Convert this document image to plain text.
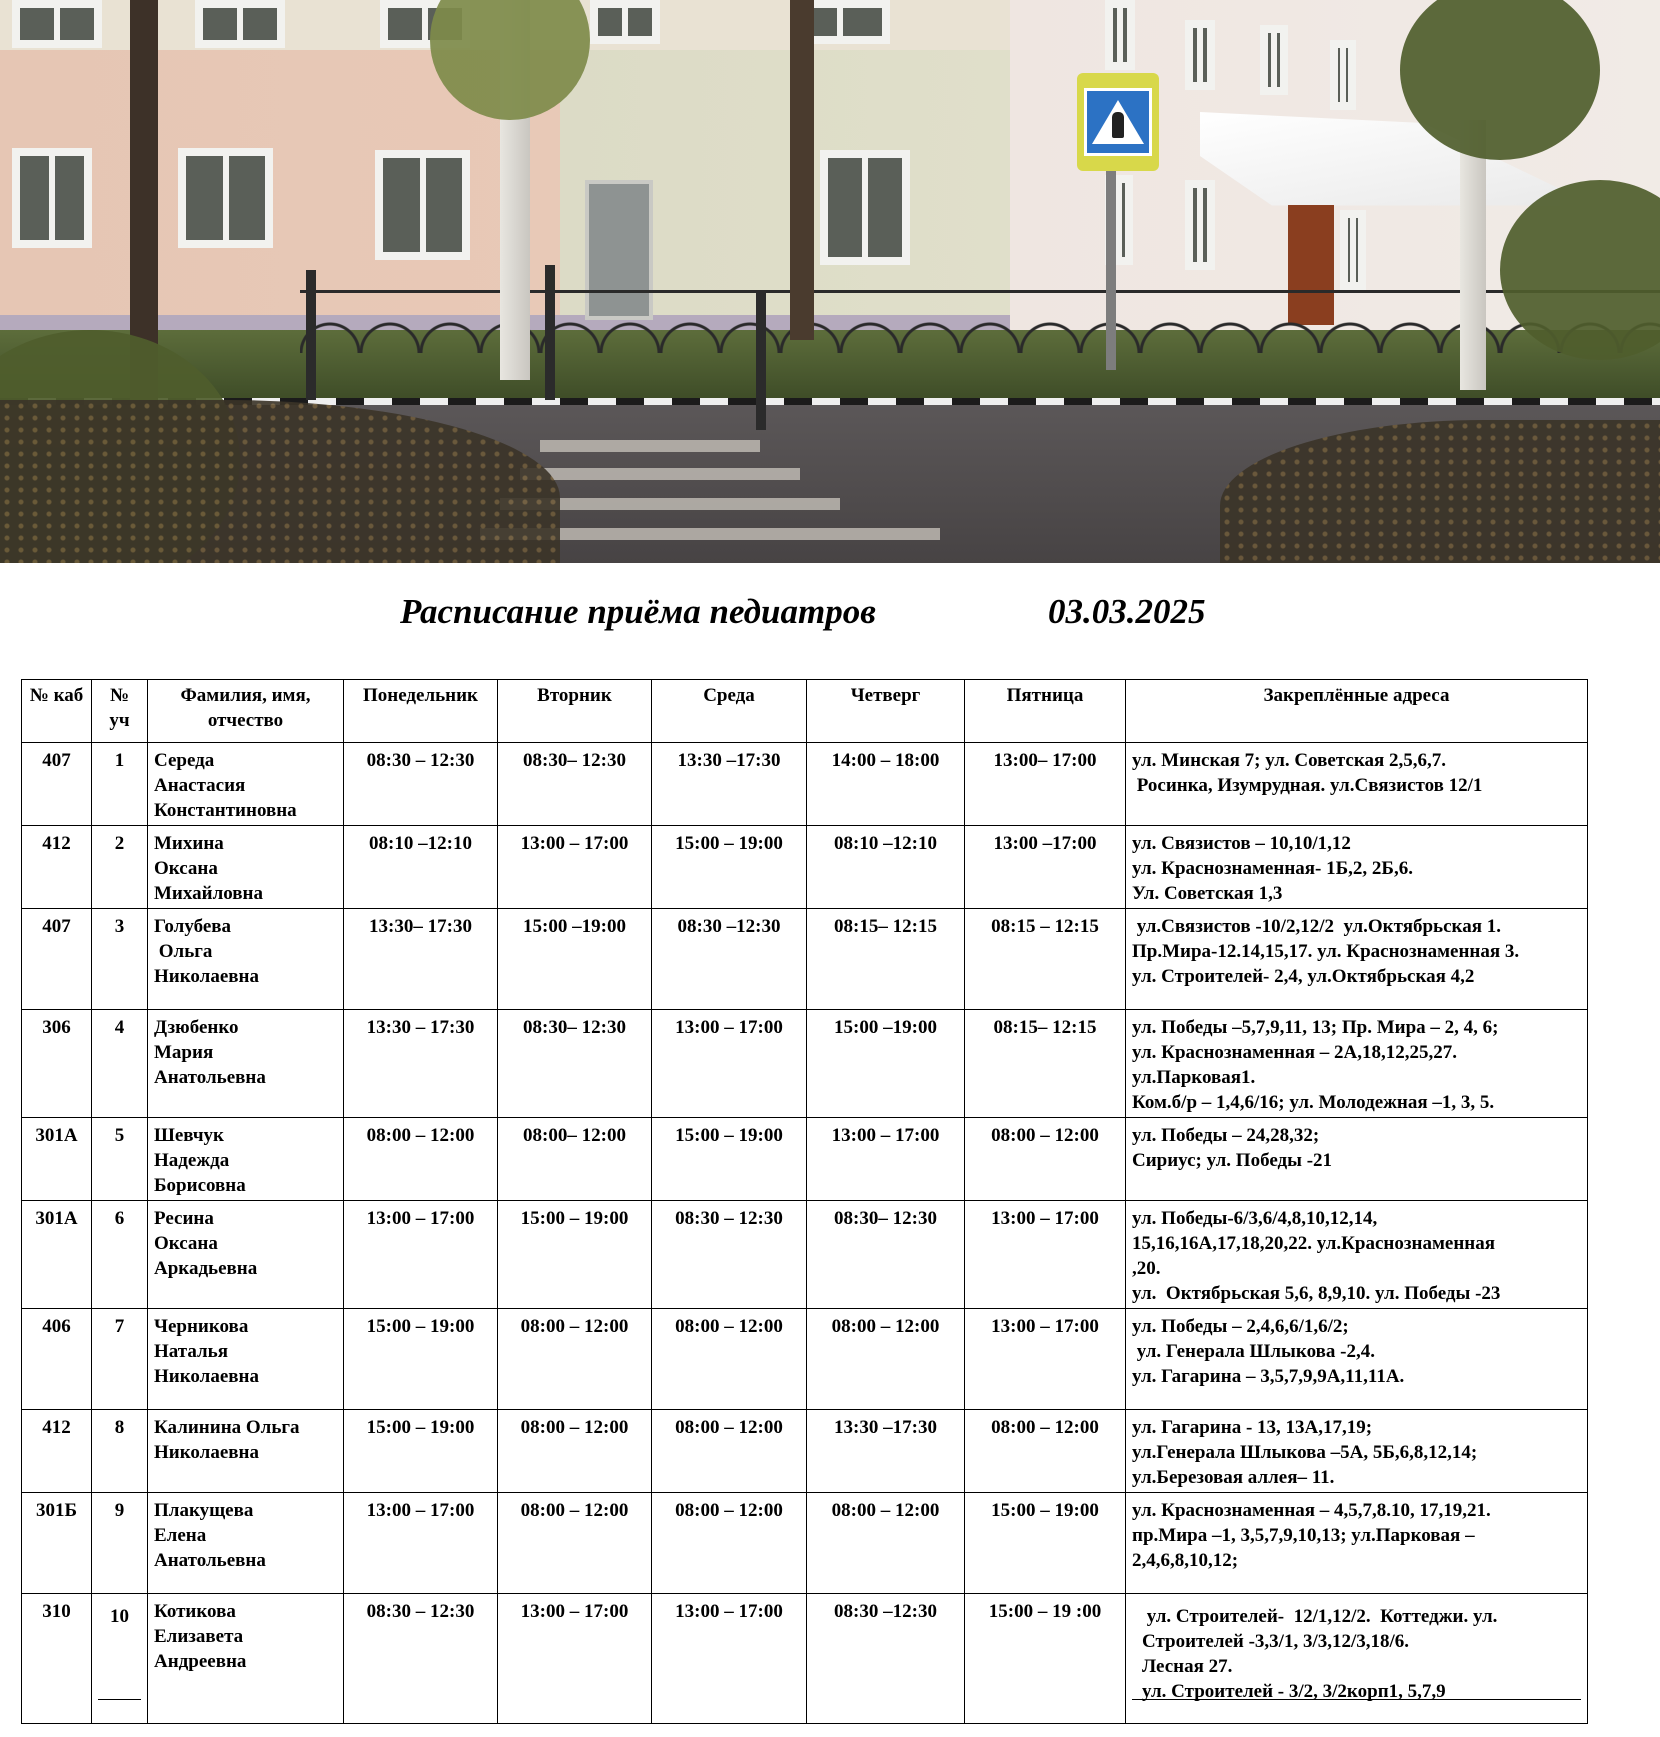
Расписание приёма педиатров	03.03.2025
№ каб	№ уч	Фамилия, имя, отчество	Понедельник	Вторник	Среда	Четверг	Пятница	Закреплённые адреса
407	1	Середа
Анастасия
Константиновна	08:30 – 12:30	08:30– 12:30	13:30 –17:30	14:00 – 18:00	13:00– 17:00	ул. Минская 7; ул. Советская 2,5,6,7.
Росинка, Изумрудная. ул.Связистов 12/1

412	2	Михина
Оксана
Михайловна	08:10 –12:10	13:00 – 17:00	15:00 – 19:00	08:10 –12:10	13:00 –17:00	ул. Связистов – 10,10/1,12
ул. Краснознаменная- 1Б,2, 2Б,6.
Ул. Советская 1,3

407	3	Голубева
Ольга
Николаевна	13:30– 17:30	15:00 –19:00	08:30 –12:30	08:15– 12:15	08:15 – 12:15	ул.Связистов -10/2,12/2  ул.Октябрьская 1.
Пр.Мира-12.14,15,17. ул. Краснознаменная 3.
ул. Строителей- 2,4, ул.Октябрьская 4,2

306	4	Дзюбенко
Мария
Анатольевна	13:30 – 17:30	08:30– 12:30	13:00 – 17:00	15:00 –19:00	08:15– 12:15	ул. Победы –5,7,9,11, 13; Пр. Мира – 2, 4, 6;
ул. Краснознаменная – 2А,18,12,25,27.
ул.Парковая1.
Ком.б/р – 1,4,6/16; ул. Молодежная –1, 3, 5.

301А	5	Шевчук
Надежда
Борисовна	08:00 – 12:00	08:00– 12:00	15:00 – 19:00	13:00 – 17:00	08:00 – 12:00	ул. Победы – 24,28,32;
Сириус; ул. Победы -21

301А	6	Ресина
Оксана
Аркадьевна	13:00 – 17:00	15:00 – 19:00	08:30 – 12:30	08:30– 12:30	13:00 – 17:00	ул. Победы-6/3,6/4,8,10,12,14,
15,16,16А,17,18,20,22. ул.Краснознаменная
,20.
ул.  Октябрьская 5,6, 8,9,10. ул. Победы -23

406	7	Черникова
Наталья
Николаевна	15:00 – 19:00	08:00 – 12:00	08:00 – 12:00	08:00 – 12:00	13:00 – 17:00	ул. Победы – 2,4,6,6/1,6/2;
ул. Генерала Шлыкова -2,4.
ул. Гагарина – 3,5,7,9,9А,11,11А.

412	8	Калинина Ольга
Николаевна	15:00 – 19:00	08:00 – 12:00	08:00 – 12:00	13:30 –17:30	08:00 – 12:00	ул. Гагарина - 13, 13А,17,19;
ул.Генерала Шлыкова –5А, 5Б,6,8,12,14;
ул.Березовая аллея– 11.

301Б	9	Плакущева
Елена
Анатольевна	13:00 – 17:00	08:00 – 12:00	08:00 – 12:00	08:00 – 12:00	15:00 – 19:00	ул. Краснознаменная – 4,5,7,8.10, 17,19,21.
пр.Мира –1, 3,5,7,9,10,13; ул.Парковая –
2,4,6,8,10,12;

310	10	Котикова
Елизавета
Андреевна	08:30 – 12:30	13:00 – 17:00	13:00 – 17:00	08:30 –12:30	15:00 – 19 :00	ул. Строителей-  12/1,12/2.  Коттеджи. ул.
Строителей -3,3/1, 3/3,12/3,18/6.
Лесная 27.
ул. Строителей - 3/2, 3/2корп1, 5,7,9
